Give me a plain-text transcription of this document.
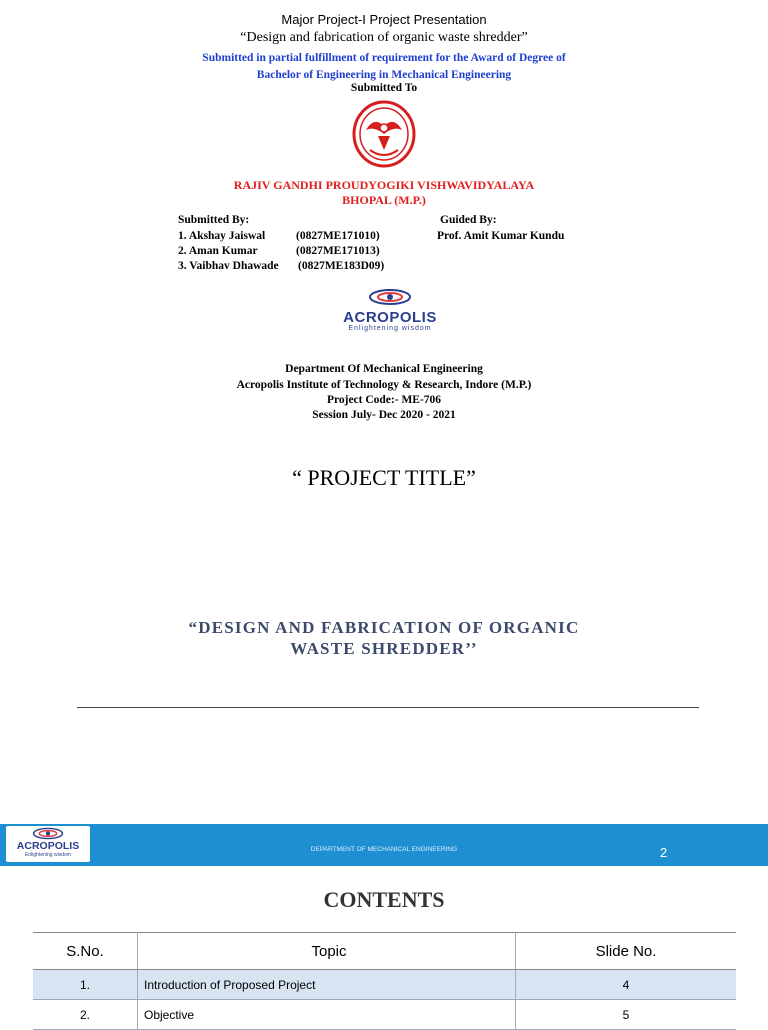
Major Project-I Project Presentation
“Design and fabrication of organic waste shredder”
Submitted in partial fulfillment of requirement for the Award of Degree of
Bachelor of Engineering in Mechanical Engineering
Submitted To
RAJIV GANDHI PROUDYOGIKI VISHWAVIDYALAYA
BHOPAL (M.P.)
Submitted By:
1. Akshay Jaiswal	(0827ME171010)
2. Aman Kumar	(0827ME171013)
3. Vaibhav Dhawade (0827ME183D09)
Guided By:
Prof. Amit Kumar Kundu
ACROPOLIS
Enlightening wisdom
Department Of Mechanical Engineering
Acropolis Institute of Technology & Research, Indore (M.P.)
Project Code:- ME-706
Session July- Dec 2020 - 2021
“ PROJECT TITLE”
“DESIGN AND FABRICATION OF ORGANIC
WASTE SHREDDER’’
ACROPOLIS
Enlightening wisdom
DEPARTMENT OF MECHANICAL ENGINEERING	2
CONTENTS
S.No.	Topic	Slide No.
1.	Introduction of Proposed Project	4
2.	Objective	5
